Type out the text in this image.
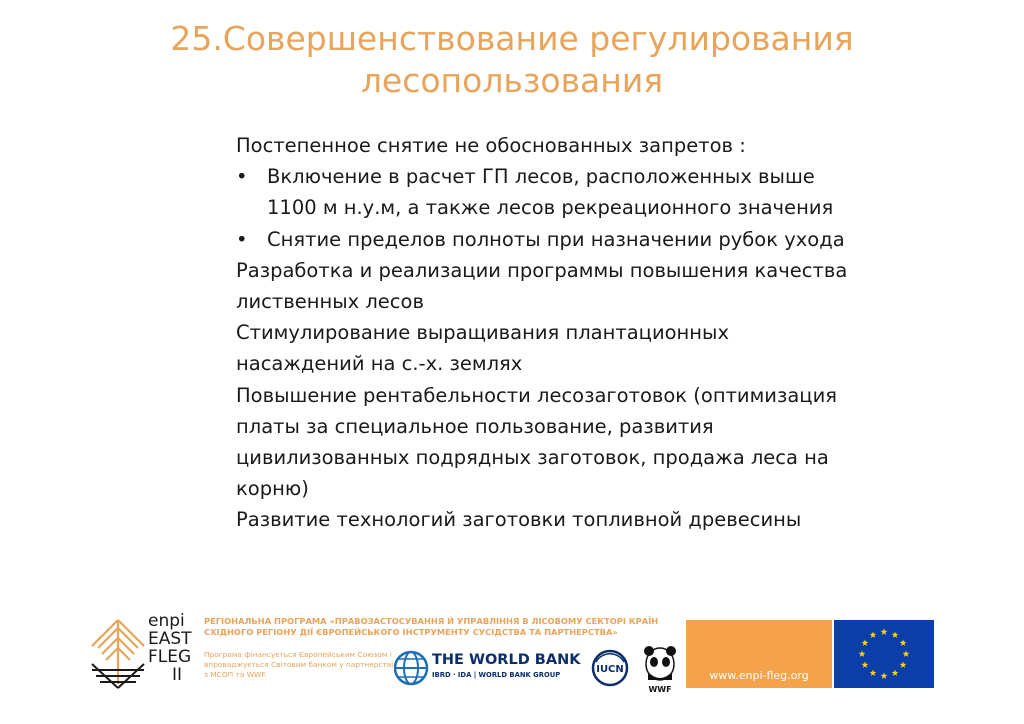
25.Совершенствование регулирования
лесопользования

Постепенное снятие не обоснованных запретов :

• Включение в расчет ГП лесов, расположенных выше 1100 м н.у.м, а также лесов рекреационного значения

• Снятие пределов полноты при назначении рубок ухода

Разработка и реализации программы повышения качества лиственных лесов

Стимулирование выращивания плантационных насаждений на с.-х. землях

Повышение рентабельности лесозаготовок (оптимизация платы за специальное пользование, развития цивилизованных подрядных заготовок, продажа леса на корню)

Развитие технологий заготовки топливной древесины

enpi
EAST
FLEG
II
РЕГІОНАЛЬНА ПРОГРАМА «ПРАВОЗАСТОСУВАННЯ Й УПРАВЛІННЯ В ЛІСОВОМУ СЕКТОРІ КРАЇН СХІДНОГО РЕГІОНУ ДІЇ ЄВРОПЕЙСЬКОГО ІНСТРУМЕНТУ СУСІДСТВА ТА ПАРТНЕРСТВА»
Програма фінансується Європейським Союзом і впроваджується Світовим банком у партнерстві з МСОП та WWF.
THE WORLD BANK
IBRD · IDA | WORLD BANK GROUP	IUCN
WWF
www.enpi-fleg.org
